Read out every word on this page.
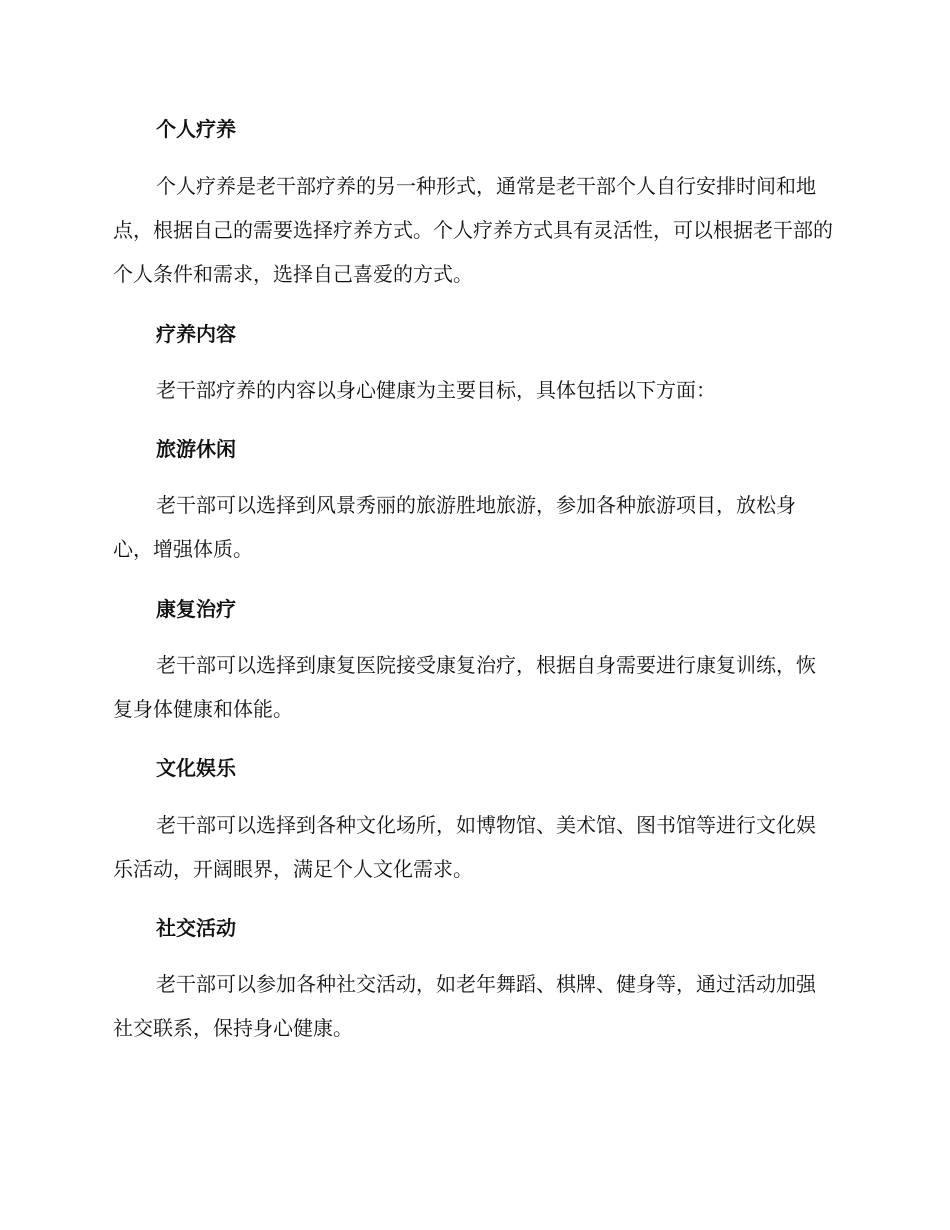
个人疗养
个人疗养是老干部疗养的另一种形式，通常是老干部个人自行安排时间和地点，根据自己的需要选择疗养方式。个人疗养方式具有灵活性，可以根据老干部的个人条件和需求，选择自己喜爱的方式。
疗养内容
老干部疗养的内容以身心健康为主要目标，具体包括以下方面：
旅游休闲
老干部可以选择到风景秀丽的旅游胜地旅游，参加各种旅游项目，放松身心，增强体质。
康复治疗
老干部可以选择到康复医院接受康复治疗，根据自身需要进行康复训练，恢复身体健康和体能。
文化娱乐
老干部可以选择到各种文化场所，如博物馆、美术馆、图书馆等进行文化娱乐活动，开阔眼界，满足个人文化需求。
社交活动
老干部可以参加各种社交活动，如老年舞蹈、棋牌、健身等，通过活动加强社交联系，保持身心健康。
